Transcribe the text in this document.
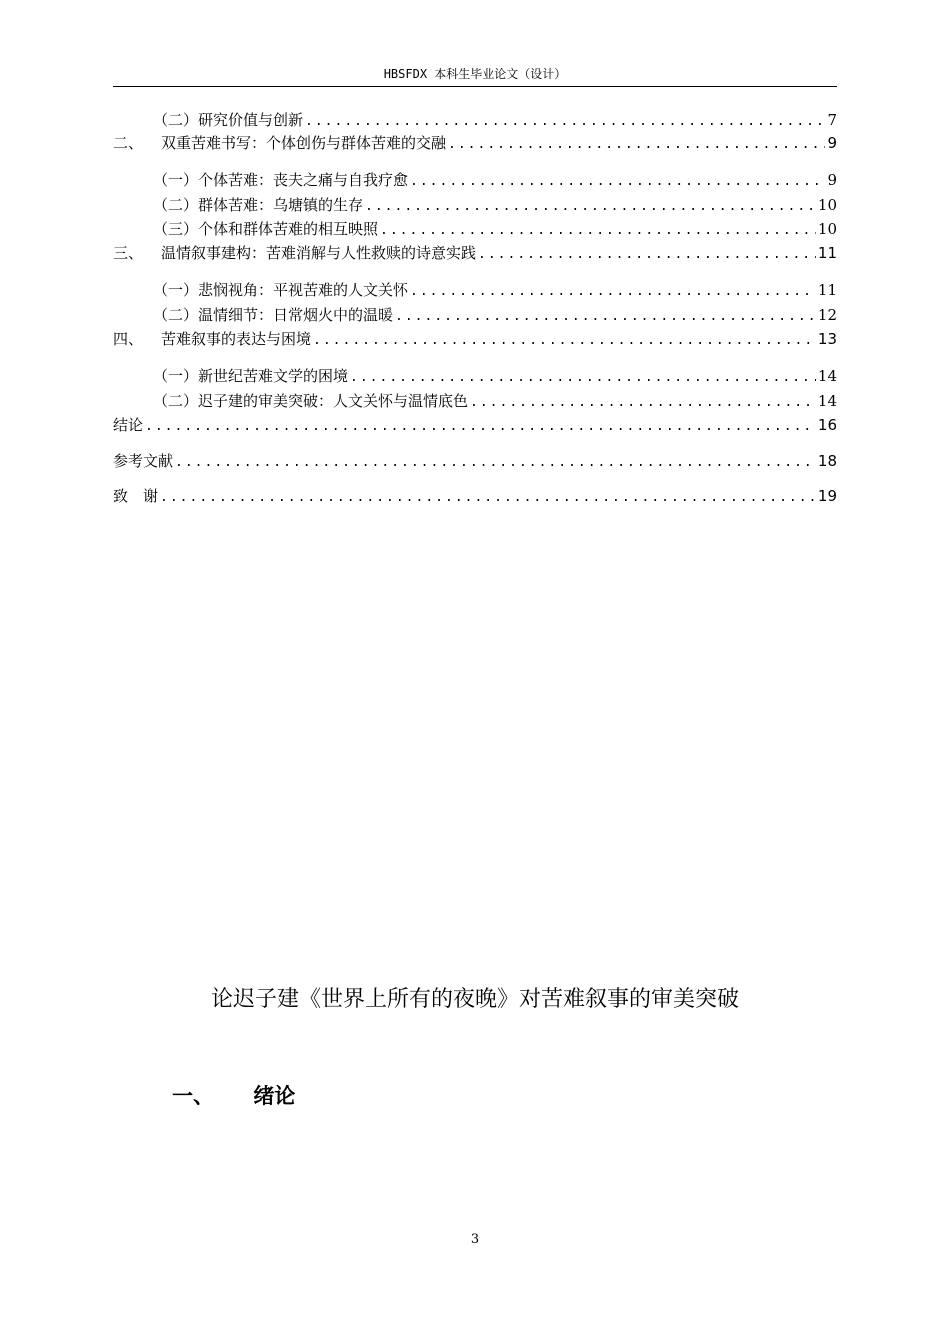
HBSFDX 本科生毕业论文（设计）
（二）研究价值与创新 .....	7
二、	双重苦难书写：个体创伤与群体苦难的交融 .....	9
（一）个体苦难：丧夫之痛与自我疗愈 .....	9
（二）群体苦难：乌塘镇的生存 .....	10
（三）个体和群体苦难的相互映照 .....	10
三、	温情叙事建构：苦难消解与人性救赎的诗意实践 .....	11
（一）悲悯视角：平视苦难的人文关怀 .....	11
（二）温情细节：日常烟火中的温暖 .....	12
四、	苦难叙事的表达与困境 .....	13
（一）新世纪苦难文学的困境 .....	14
（二）迟子建的审美突破：人文关怀与温情底色 .....	14
结论 .....	16
参考文献 .....	18
致　谢 .....	19
论迟子建《世界上所有的夜晚》对苦难叙事的审美突破
一、 绪论
3
